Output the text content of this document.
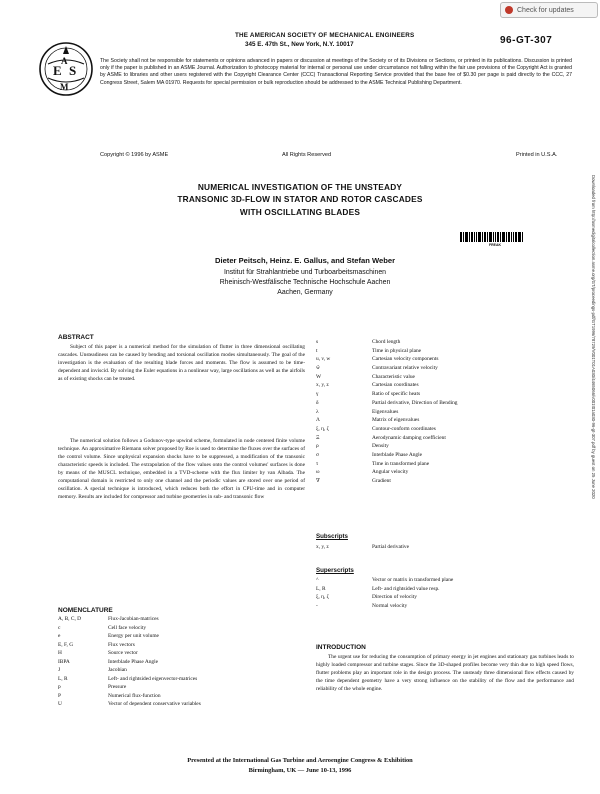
Check for updates
E S
A
M
THE AMERICAN SOCIETY OF MECHANICAL ENGINEERS
345 E. 47th St., New York, N.Y. 10017	96-GT-307
The Society shall not be responsible for statements or opinions advanced in papers or discussion at meetings of the Society or of its Divisions or Sections, or printed in its publications. Discussion is printed only if the paper is published in an ASME Journal. Authorization to photocopy material for internal or personal use under circumstance not falling within the fair use provisions of the Copyright Act is granted by ASME to libraries and other users registered with the Copyright Clearance Center (CCC) Transactional Reporting Service provided that the base fee of $0.30 per page is paid directly to the CCC, 27 Congress Street, Salem MA 01970. Requests for special permission or bulk reproduction should be addressed to the ASME Technical Publishing Department.
Copyright © 1996 by ASME	All Rights Reserved	Printed in U.S.A.
NUMERICAL INVESTIGATION OF THE UNSTEADY
TRANSONIC 3D-FLOW IN STATOR AND ROTOR CASCADES
WITH OSCILLATING BLADES
FREAK
Dieter Peitsch, Heinz. E. Gallus, and Stefan Weber
Institut für Strahlantriebe und Turboarbeitsmaschinen
Rheinisch-Westfälische Technische Hochschule Aachen
Aachen, Germany	Downloaded from http://asmedigitalcollection.asme.org/GT/proceedings-pdf/GT1996/78729/V001T01A030/4465066/v001t01a030-96-gt-307.pdf by guest on 25 June 2020
ABSTRACT

Subject of this paper is a numerical method for the simulation of flutter in three dimensional oscillating cascades. Unsteadiness can be caused by bending and torsional oscillation modes simultaneously. The goal of the investigation is the evaluation of the resulting blade forces and moments. The flow is assumed to be time-dependent and inviscid. By solving the Euler equations in a nonlinear way, large oscillations as well as the airfoils as of existing shocks can be treated.

The numerical solution follows a Godunov-type upwind scheme, formulated in node centered finite volume technique. An approximative Riemann solver proposed by Roe is used to determine the fluxes over the surfaces of the control volume. Since unphysical expansion shocks have to be suppressed, a modification of the transonic characteristic speeds is included. The extrapolation of the flow values onto the control volumes' surfaces is done by means of the MUSCL technique, embedded in a TVD-scheme with the flux limiter by van Albada. The computational domain is restricted to only one channel and the periodic values are stored over one period of oscillation. A special technique is introduced, which reduces both the effort in CPU-time and in computer memory. Results are included for compressor and turbine geometries in sub- and transonic flow

NOMENCLATURE
A, B, C, D	Flux-Jacobian-matrices
c	Cell face velocity
e	Energy per unit volume
E, F, G	Flux vectors
H	Source vector
IBPA	Interblade Phase Angle
J	Jacobian
L, R	Left- and rightsided eigenvector-matrices
p	Pressure
P	Numerical flux-function
U	Vector of dependent conservative variables
s	Chord length
t	Time in physical plane
u, v, w	Cartesian velocity components
w̃	Contravariant relative velocity
W	Characteristic value
x, y, z	Cartesian coordinates
γ	Ratio of specific heats
δ	Partial derivative, Direction of Bending
λ	Eigenvalues
Λ	Matrix of eigenvalues
ξ, η, ζ	Contour-conform coordinates
Ξ	Aerodynamic damping coefficient
ρ	Density
σ	Interblade Phase Angle
τ	Time in transformed plane
ω	Angular velocity
∇	Gradient
Subscripts
x, y, z	Partial derivative
Superscripts
^	Vector or matrix in transformed plane
L, R	Left- and rightsided value resp.
ξ, η, ζ	Direction of velocity
-	Normal velocity
INTRODUCTION

The urgent use for reducing the consumption of primary energy in jet engines and stationary gas turbines leads to highly loaded compressor and turbine stages. Since the 3D-shaped profiles become very thin due to high speed flows, flutter problems play an important role in the design process. The unsteady three dimensional flow effects caused by the time dependent geometry have a very strong influence on the stability of the flow and the performance and reliability of the whole engine.

Presented at the International Gas Turbine and Aeroengine Congress & Exhibition
Birmingham, UK — June 10-13, 1996
